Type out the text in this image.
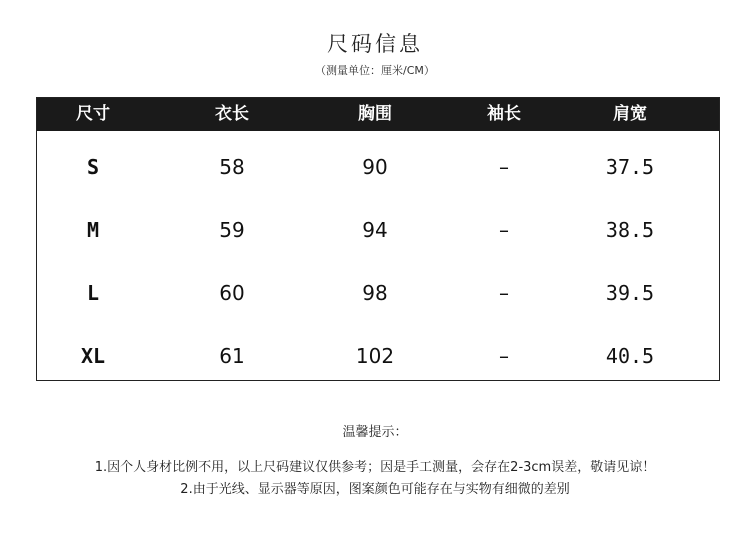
尺码信息
（测量单位：厘米/CM）
尺寸	衣长	胸围	袖长	肩宽
S	58	90	–	37.5
M	59	94	–	38.5
L	60	98	–	39.5
XL	61	102	–	40.5
温馨提示：
1.因个人身材比例不用，以上尺码建议仅供参考；因是手工测量，会存在2-3cm误差，敬请见谅！
2.由于光线、显示器等原因，图案颜色可能存在与实物有细微的差别
